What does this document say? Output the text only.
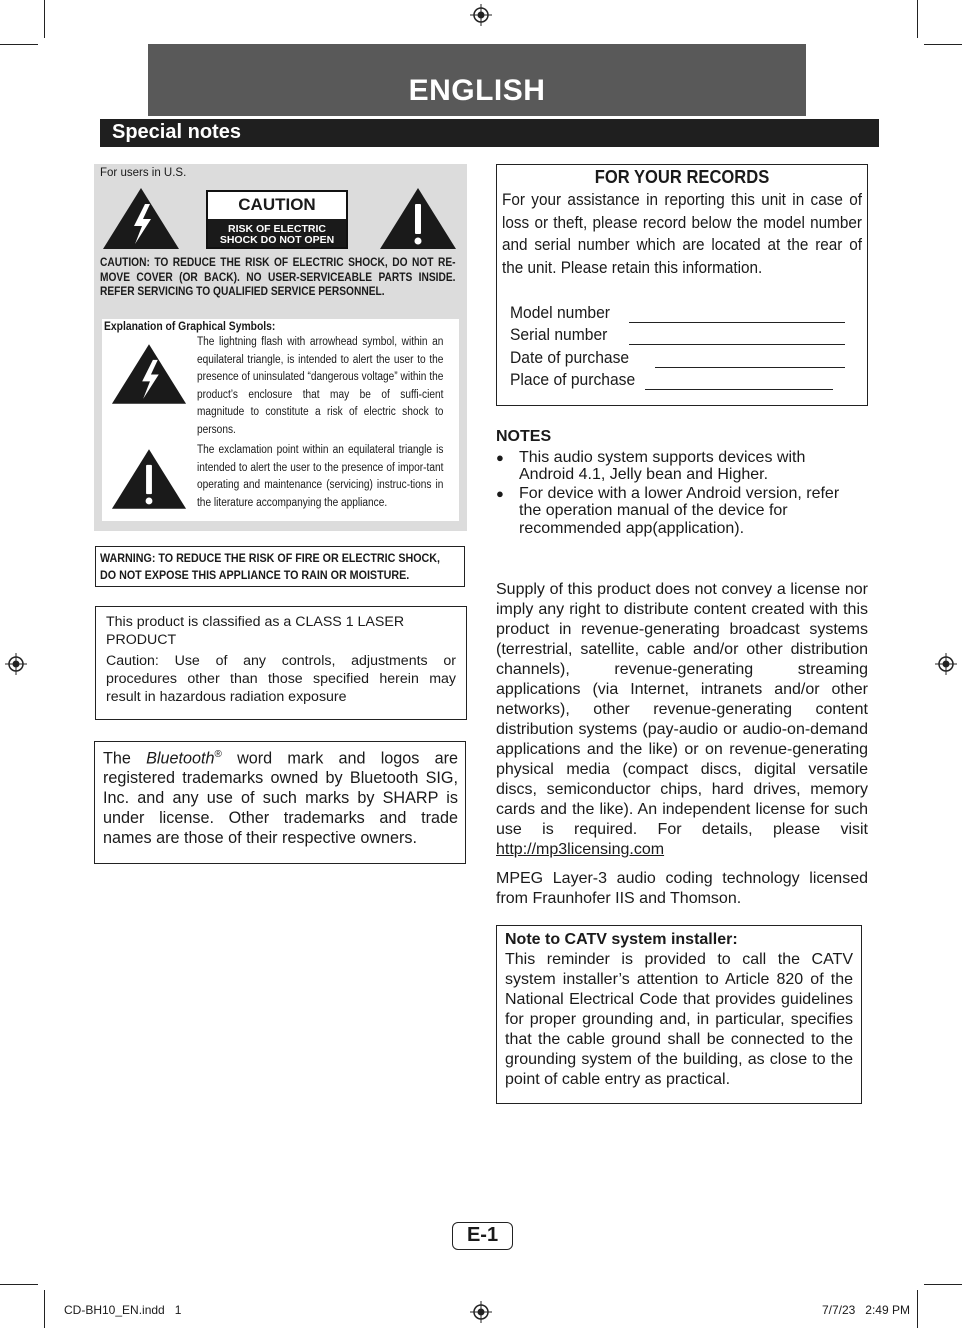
ENGLISH
Special notes
For users in U.S.
CAUTION
RISK OF ELECTRIC
SHOCK DO NOT OPEN

CAUTION: TO REDUCE THE RISK OF ELECTRIC SHOCK, DO NOT RE-MOVE COVER (OR BACK). NO USER-SERVICEABLE PARTS INSIDE. REFER SERVICING TO QUALIFIED SERVICE PERSONNEL.

Explanation of Graphical Symbols:

The lightning flash with arrowhead symbol, within an equilateral triangle, is intended to alert the user to the presence of uninsulated “dangerous voltage” within the product’s enclosure that may be of suffi-cient magnitude to constitute a risk of electric shock to persons.

The exclamation point within an equilateral triangle is intended to alert the user to the presence of impor-tant operating and maintenance (servicing) instruc-tions in the literature accompanying the appliance.

WARNING: TO REDUCE THE RISK OF FIRE OR ELECTRIC SHOCK,
DO NOT EXPOSE THIS APPLIANCE TO RAIN OR MOISTURE.

This product is classified as a CLASS 1 LASER PRODUCT

Caution: Use of any controls, adjustments or procedures other than those specified herein may result in hazardous radiation exposure

The Bluetooth® word mark and logos are registered trademarks owned by Bluetooth SIG, Inc. and any use of such marks by SHARP is under license. Other trademarks and trade names are those of their respective owners.

FOR YOUR RECORDS

For your assistance in reporting this unit in case of loss or theft, please record below the model number and serial number which are located at the rear of the unit. Please retain this information.

Model number
Serial number
Date of purchase
Place of purchase
NOTES
● This audio system supports devices with Android 4.1, Jelly bean and Higher.
● For device with a lower Android version, refer the operation manual of the device for recommended app(application).

Supply of this product does not convey a license nor imply any right to distribute content created with this product in revenue-generating broadcast systems (terrestrial, satellite, cable and/or other distribution channels), revenue-generating streaming applications (via Internet, intranets and/or other networks), other revenue-generating content distribution systems (pay-audio or audio-on-demand applications and the like) or on revenue-generating physical media (compact discs, digital versatile discs, semiconductor chips, hard drives, memory cards and the like). An independent license for such use is required. For details, please visit http://mp3licensing.com

MPEG Layer-3 audio coding technology licensed from Fraunhofer IIS and Thomson.

Note to CATV system installer:

This reminder is provided to call the CATV system installer’s attention to Article 820 of the National Electrical Code that provides guidelines for proper grounding and, in particular, specifies that the cable ground shall be connected to the grounding system of the building, as close to the point of cable entry as practical.

E-1
CD-BH10_EN.indd   1	7/7/23   2:49 PM
